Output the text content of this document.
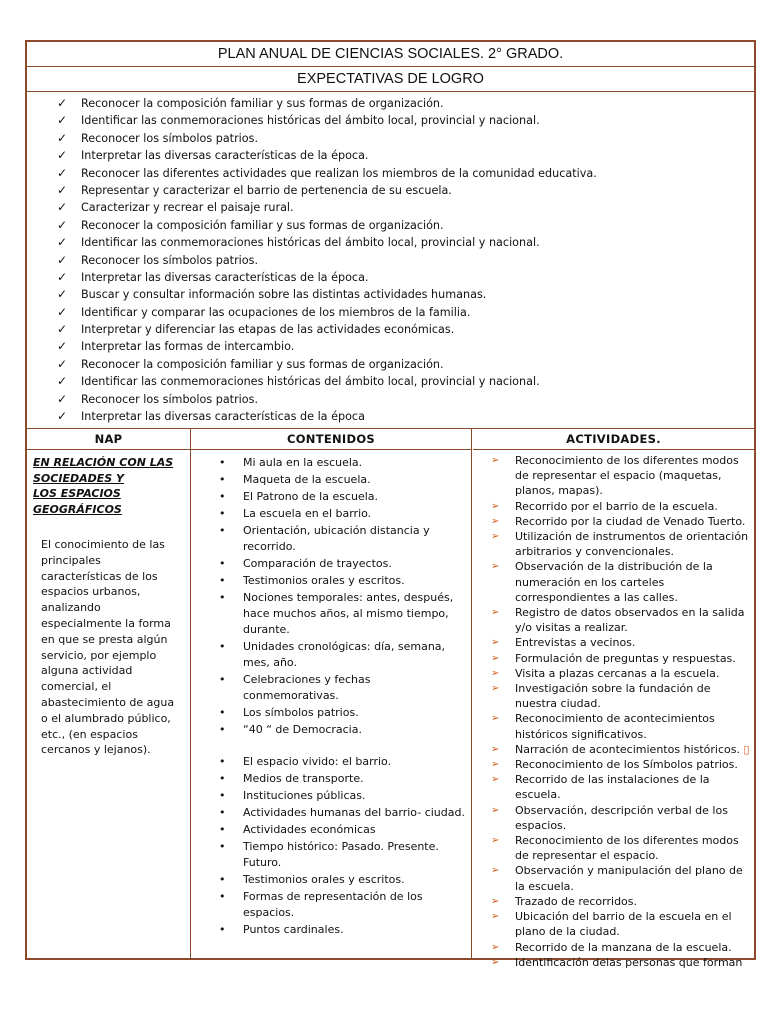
PLAN ANUAL DE CIENCIAS SOCIALES. 2° GRADO.
EXPECTATIVAS DE LOGRO
✓ Reconocer la composición familiar y sus formas de organización.
✓ Identificar las conmemoraciones históricas del ámbito local, provincial y nacional.
✓ Reconocer los símbolos patrios.
✓ Interpretar las diversas características de la época.
✓ Reconocer las diferentes actividades que realizan los miembros de la comunidad educativa.
✓ Representar y caracterizar el barrio de pertenencia de su escuela.
✓ Caracterizar y recrear el paisaje rural.
✓ Reconocer la composición familiar y sus formas de organización.
✓ Identificar las conmemoraciones históricas del ámbito local, provincial y nacional.
✓ Reconocer los símbolos patrios.
✓ Interpretar las diversas características de la época.
✓ Buscar y consultar información sobre las distintas actividades humanas.
✓ Identificar y comparar las ocupaciones de los miembros de la familia.
✓ Interpretar y diferenciar las etapas de las actividades económicas.
✓ Interpretar las formas de intercambio.
✓ Reconocer la composición familiar y sus formas de organización.
✓ Identificar las conmemoraciones históricas del ámbito local, provincial y nacional.
✓ Reconocer los símbolos patrios.
✓ Interpretar las diversas características de la época
NAP
EN RELACIÓN CON LAS
SOCIEDADES Y
LOS ESPACIOS
GEOGRÁFICOS
El conocimiento de las principales características de los espacios urbanos, analizando especialmente la forma en que se presta algún servicio, por ejemplo alguna actividad comercial, el abastecimiento de agua o el alumbrado público, etc., (en espacios cercanos y lejanos).
CONTENIDOS
• Mi aula en la escuela.
• Maqueta de la escuela.
• El Patrono de la escuela.
• La escuela en el barrio.
• Orientación, ubicación distancia y recorrido.
• Comparación de trayectos.
• Testimonios orales y escritos.
• Nociones temporales: antes, después, hace muchos años, al mismo tiempo, durante.
• Unidades cronológicas: día, semana, mes, año.
• Celebraciones y fechas conmemorativas.
• Los símbolos patrios.
• “40 “ de Democracia.
• El espacio vivido: el barrio.
• Medios de transporte.
• Instituciones públicas.
• Actividades humanas del barrio- ciudad.
• Actividades económicas
• Tiempo histórico: Pasado. Presente. Futuro.
• Testimonios orales y escritos.
• Formas de representación de los espacios.
• Puntos cardinales.
ACTIVIDADES.
➢ Reconocimiento de los diferentes modos de representar el espacio (maquetas, planos, mapas).
➢ Recorrido por el barrio de la escuela.
➢ Recorrido por la ciudad de Venado Tuerto.
➢ Utilización de instrumentos de orientación arbitrarios y convencionales.
➢ Observación de la distribución de la numeración en los carteles correspondientes a las calles.
➢ Registro de datos observados en la salida y/o visitas a realizar.
➢ Entrevistas a vecinos.
➢ Formulación de preguntas y respuestas.
➢ Visita a plazas cercanas a la escuela.
➢ Investigación sobre la fundación de nuestra ciudad.
➢ Reconocimiento de acontecimientos históricos significativos.
➢ Narración de acontecimientos históricos. ▯
➢ Reconocimiento de los Símbolos patrios.
➢ Recorrido de las instalaciones de la escuela.
➢ Observación, descripción verbal de los espacios.
➢ Reconocimiento de los diferentes modos de representar el espacio.
➢ Observación y manipulación del plano de la escuela.
➢ Trazado de recorridos.
➢ Ubicación del barrio de la escuela en el plano de la ciudad.
➢ Recorrido de la manzana de la escuela.
➢ Identificación delas personas que forman
